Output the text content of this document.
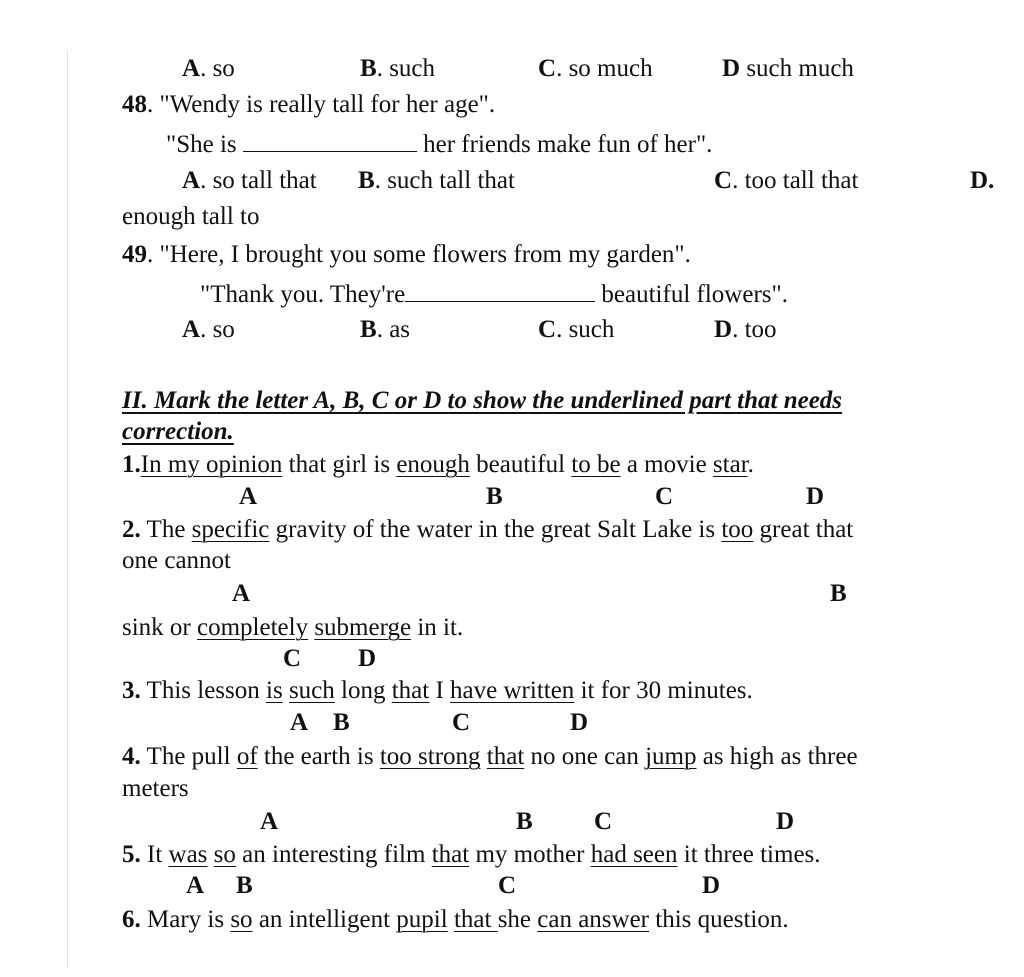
A. so	B. such	C. so much	D such much
48. "Wendy is really tall for her age".
"She is	her friends make fun of her".
A. so tall that B. such tall that	C. too tall that	D.
enough tall to
49. "Here, I brought you some flowers from my garden".
"Thank you. They're	beautiful flowers".
A. so	B. as	C. such	D. too
II. Mark the letter A, B, C or D to show the underlined part that needs
correction.
1.
In my opinion that girl is enough beautiful to be a movie star.
A	B	C	D
2. The specific gravity of the water in the great Salt Lake is too great that
one cannot
A	B
sink or completely submerge in it.
C D
3. This lesson is such long that I have written it for 30 minutes.
A B	C	D
4. The pull of the earth is too strong that no one can jump as high as three
meters
A	B C	D
5. It was so an interesting film that my mother had seen it three times.
A B	C	D
6. Mary is so an intelligent pupil that she can answer this question.
